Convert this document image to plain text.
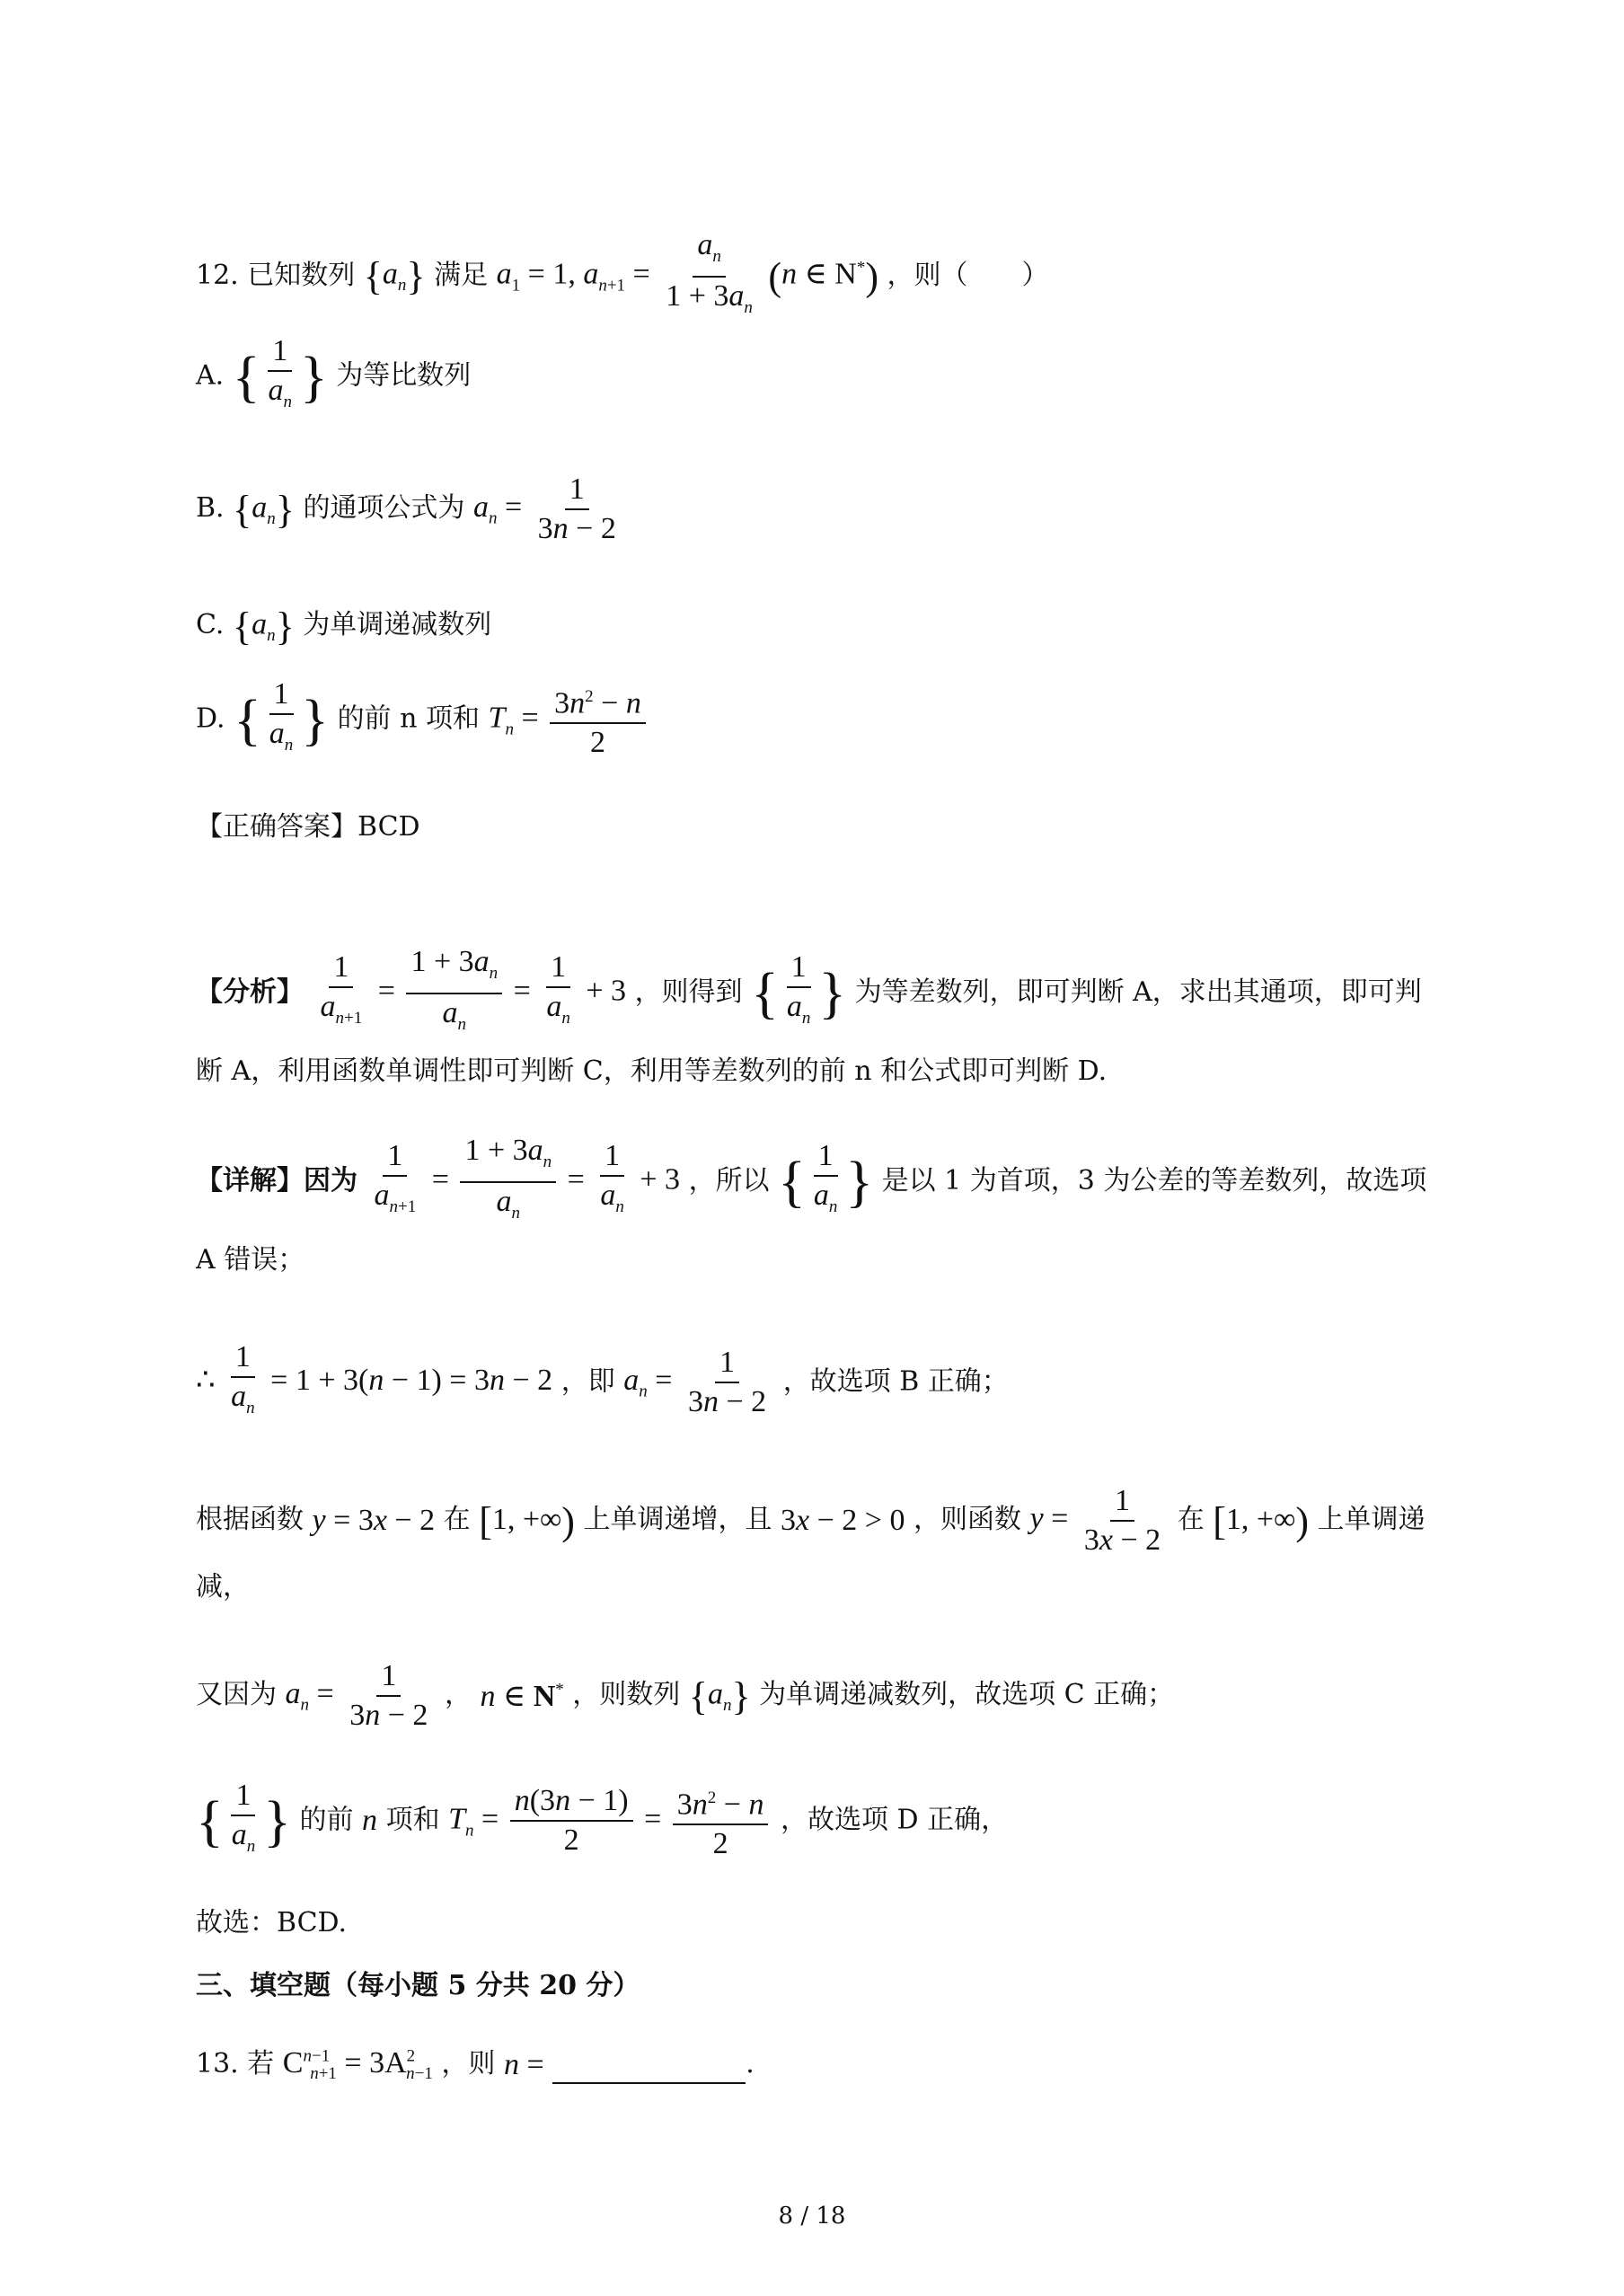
12. 已知数列 $\{a_n\}$ 满足 $a_1 = 1$, $a_{n+1} = \frac{a_n}{1 + 3a_n} (n$ ∈ N*) ，则（　　）
A. { $\frac{1}{a_n}$ } 为等比数列
B. $\{a_n\}$ 的通项公式为 $a_n = \frac{1}{3n - 2}$
C. $\{a_n\}$ 为单调递减数列
D. { $\frac{1}{a_n}$ } 的前 n 项和 $T_n = \frac{3n^2 - n}{2}$
【正确答案】BCD
【分析】 $\frac{1}{a_{n+1}} = \frac{1 + 3a_n}{a_n} = \frac{1}{a_n} + 3$ ，则得到 { $\frac{1}{a_n}$ } 为等差数列，即可判断 A，求出其通项，即可判断 A，利用函数单调性即可判断 C，利用等差数列的前 n 和公式即可判断 D.
【详解】因为 $\frac{1}{a_{n+1}} = \frac{1 + 3a_n}{a_n} = \frac{1}{a_n} + 3$ ，所以 { $\frac{1}{a_n}$ } 是以 1 为首项，3 为公差的等差数列，故选项 A 错误；
∴ $\frac{1}{a_n} = 1 + 3(n - 1) = 3n - 2$ ，即 $a_n = \frac{1}{3n - 2}$ ，故选项 B 正确；
根据函数 y = 3x − 2 在 [1, +∞) 上单调递增，且 3x − 2 > 0 ，则函数 $y = \frac{1}{3x - 2}$ 在 [1, +∞) 上单调递减，
又因为 $a_n = \frac{1}{3n - 2}$ ， n ∈ N* ，则数列 $\{a_n\}$ 为单调递减数列，故选项 C 正确；
{ $\frac{1}{a_n}$ } 的前 n 项和 $T_n = \frac{n(3n - 1)}{2} = \frac{3n^2 - n}{2}$ ，故选项 D 正确，
故选：BCD.
三、填空题（每小题 5 分共 20 分）
13. 若 $C^{n-1}_{n+1} = 3A^2_{n-1}$ ，则 n =	.
8 / 18
